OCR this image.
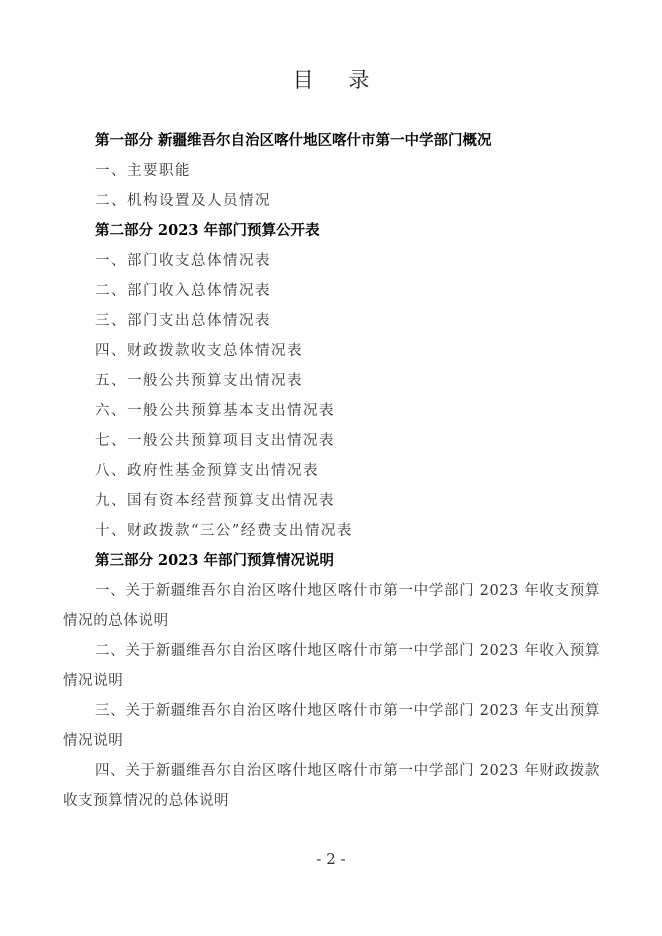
目 录
第一部分 新疆维吾尔自治区喀什地区喀什市第一中学部门概况
一、主要职能
二、机构设置及人员情况
第二部分 2023 年部门预算公开表
一、部门收支总体情况表
二、部门收入总体情况表
三、部门支出总体情况表
四、财政拨款收支总体情况表
五、一般公共预算支出情况表
六、一般公共预算基本支出情况表
七、一般公共预算项目支出情况表
八、政府性基金预算支出情况表
九、国有资本经营预算支出情况表
十、财政拨款“三公”经费支出情况表
第三部分 2023 年部门预算情况说明
一、关于新疆维吾尔自治区喀什地区喀什市第一中学部门 2023 年收支预算情况的总体说明
二、关于新疆维吾尔自治区喀什地区喀什市第一中学部门 2023 年收入预算情况说明
三、关于新疆维吾尔自治区喀什地区喀什市第一中学部门 2023 年支出预算情况说明
四、关于新疆维吾尔自治区喀什地区喀什市第一中学部门 2023 年财政拨款收支预算情况的总体说明
- 2 -
